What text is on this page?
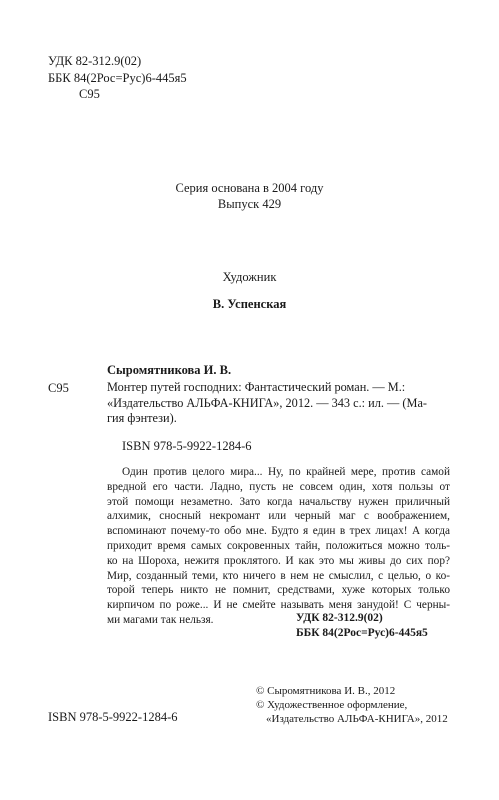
УДК 82-312.9(02)
ББК 84(2Рос=Рус)6-445я5
С95
Серия основана в 2004 году
Выпуск 429
Художник
В. Успенская
Сыромятникова И. В.
С95	Монтер путей господних: Фантастический роман. — М.:
«Издательство АЛЬФА-КНИГА», 2012. — 343 с.: ил. — (Ма-
гия фэнтези).
ISBN 978-5-9922-1284-6
Один против целого мира... Ну, по крайней мере, против самой
вредной его части. Ладно, пусть не совсем один, хотя пользы от
этой помощи незаметно. Зато когда начальству нужен приличный
алхимик, сносный некромант или черный маг с воображением,
вспоминают почему-то обо мне. Будто я един в трех лицах! А когда
приходит время самых сокровенных тайн, положиться можно толь-
ко на Шороха, нежитя проклятого. И как это мы живы до сих пор?
Мир, созданный теми, кто ничего в нем не смыслил, с целью, о ко-
торой теперь никто не помнит, средствами, хуже которых только
кирпичом по роже... И не смейте называть меня занудой! С черны-
ми магами так нельзя.	УДК 82-312.9(02)
ББК 84(2Рос=Рус)6-445я5
© Сыромятникова И. В., 2012
© Художественное оформление,
«Издательство АЛЬФА-КНИГА», 2012
ISBN 978-5-9922-1284-6
